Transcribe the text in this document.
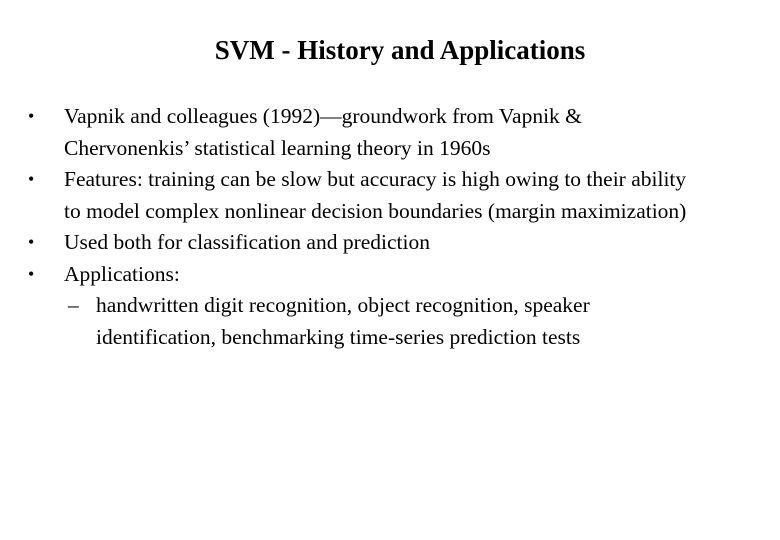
SVM - History and Applications
•	Vapnik and colleagues (1992)—groundwork from Vapnik &
Chervonenkis’ statistical learning theory in 1960s
•	Features: training can be slow but accuracy is high owing to their ability
to model complex nonlinear decision boundaries (margin maximization)
•	Used both for classification and prediction
•	Applications:
– handwritten digit recognition, object recognition, speaker
identification, benchmarking time-series prediction tests
